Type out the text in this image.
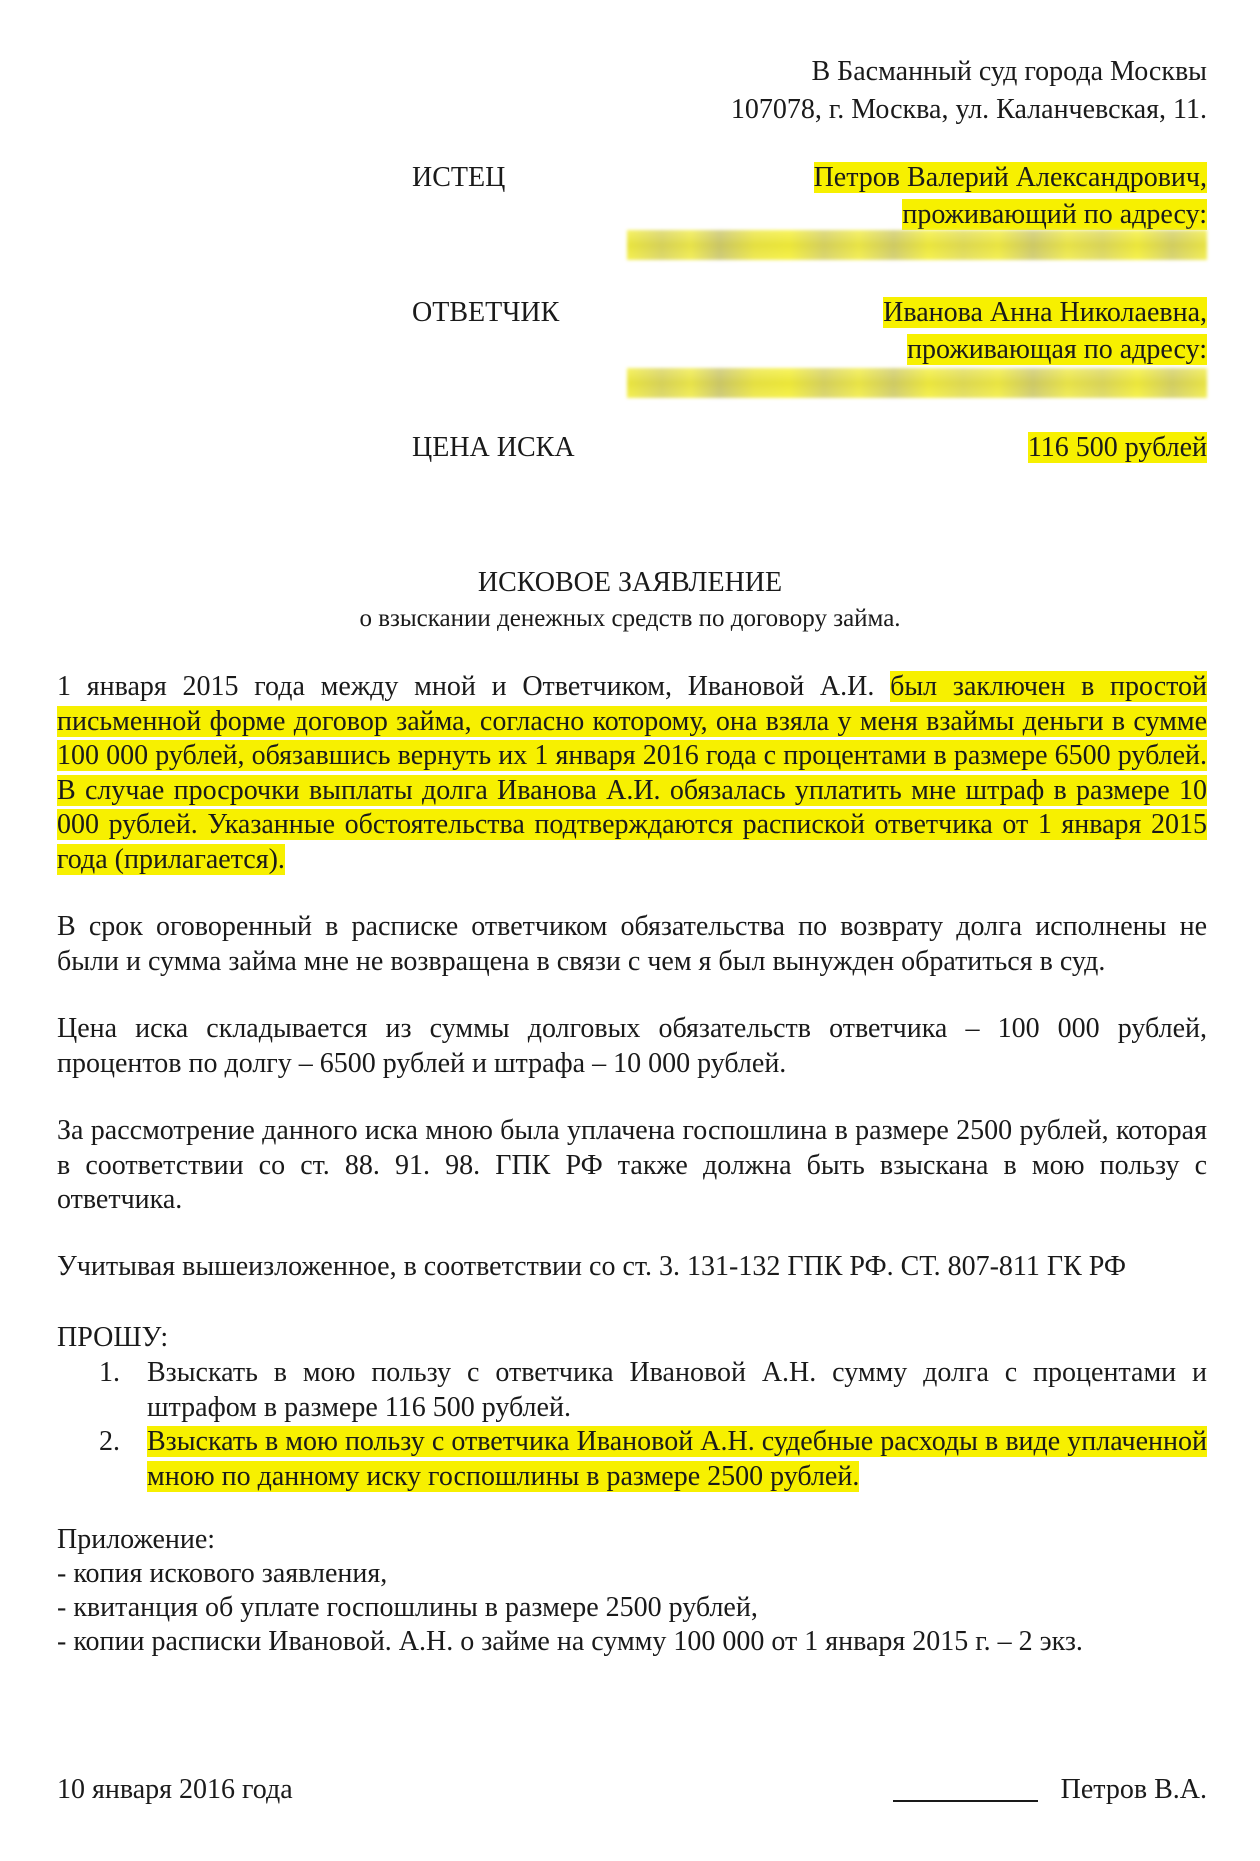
В Басманный суд города Москвы
107078, г. Москва, ул. Каланчевская, 11.
ИСТЕЦ	Петров Валерий Александрович,
проживающий по адресу:
ОТВЕТЧИК	Иванова Анна Николаевна,
проживающая по адресу:
ЦЕНА ИСКА	116 500 рублей
ИСКОВОЕ ЗАЯВЛЕНИЕ
о взыскании денежных средств по договору займа.
1 января 2015 года между мной и Ответчиком, Ивановой А.И. был заключен в простой письменной форме договор займа, согласно которому, она взяла у меня взаймы деньги в сумме 100 000 рублей, обязавшись вернуть их 1 января 2016 года с процентами в размере 6500 рублей. В случае просрочки выплаты долга Иванова А.И. обязалась уплатить мне штраф в размере 10 000 рублей. Указанные обстоятельства подтверждаются распиской ответчика от 1 января 2015 года (прилагается).
В срок оговоренный в расписке ответчиком обязательства по возврату долга исполнены не были и сумма займа мне не возвращена в связи с чем я был вынужден обратиться в суд.
Цена иска складывается из суммы долговых обязательств ответчика – 100 000 рублей, процентов по долгу – 6500 рублей и штрафа – 10 000 рублей.
За рассмотрение данного иска мною была уплачена госпошлина в размере 2500 рублей, которая в соответствии со ст. 88. 91. 98. ГПК РФ также должна быть взыскана в мою пользу с ответчика.
Учитывая вышеизложенное, в соответствии со ст. 3. 131-132 ГПК РФ. СТ. 807-811 ГК РФ
ПРОШУ:
1. Взыскать в мою пользу с ответчика Ивановой А.Н. сумму долга с процентами и штрафом в размере 116 500 рублей.
2. Взыскать в мою пользу с ответчика Ивановой А.Н. судебные расходы в виде уплаченной мною по данному иску госпошлины в размере 2500 рублей.
Приложение:
- копия искового заявления,
- квитанция об уплате госпошлины в размере 2500 рублей,
- копии расписки Ивановой. А.Н. о займе на сумму 100 000 от 1 января 2015 г. – 2 экз.
10 января 2016 года	Петров В.А.
